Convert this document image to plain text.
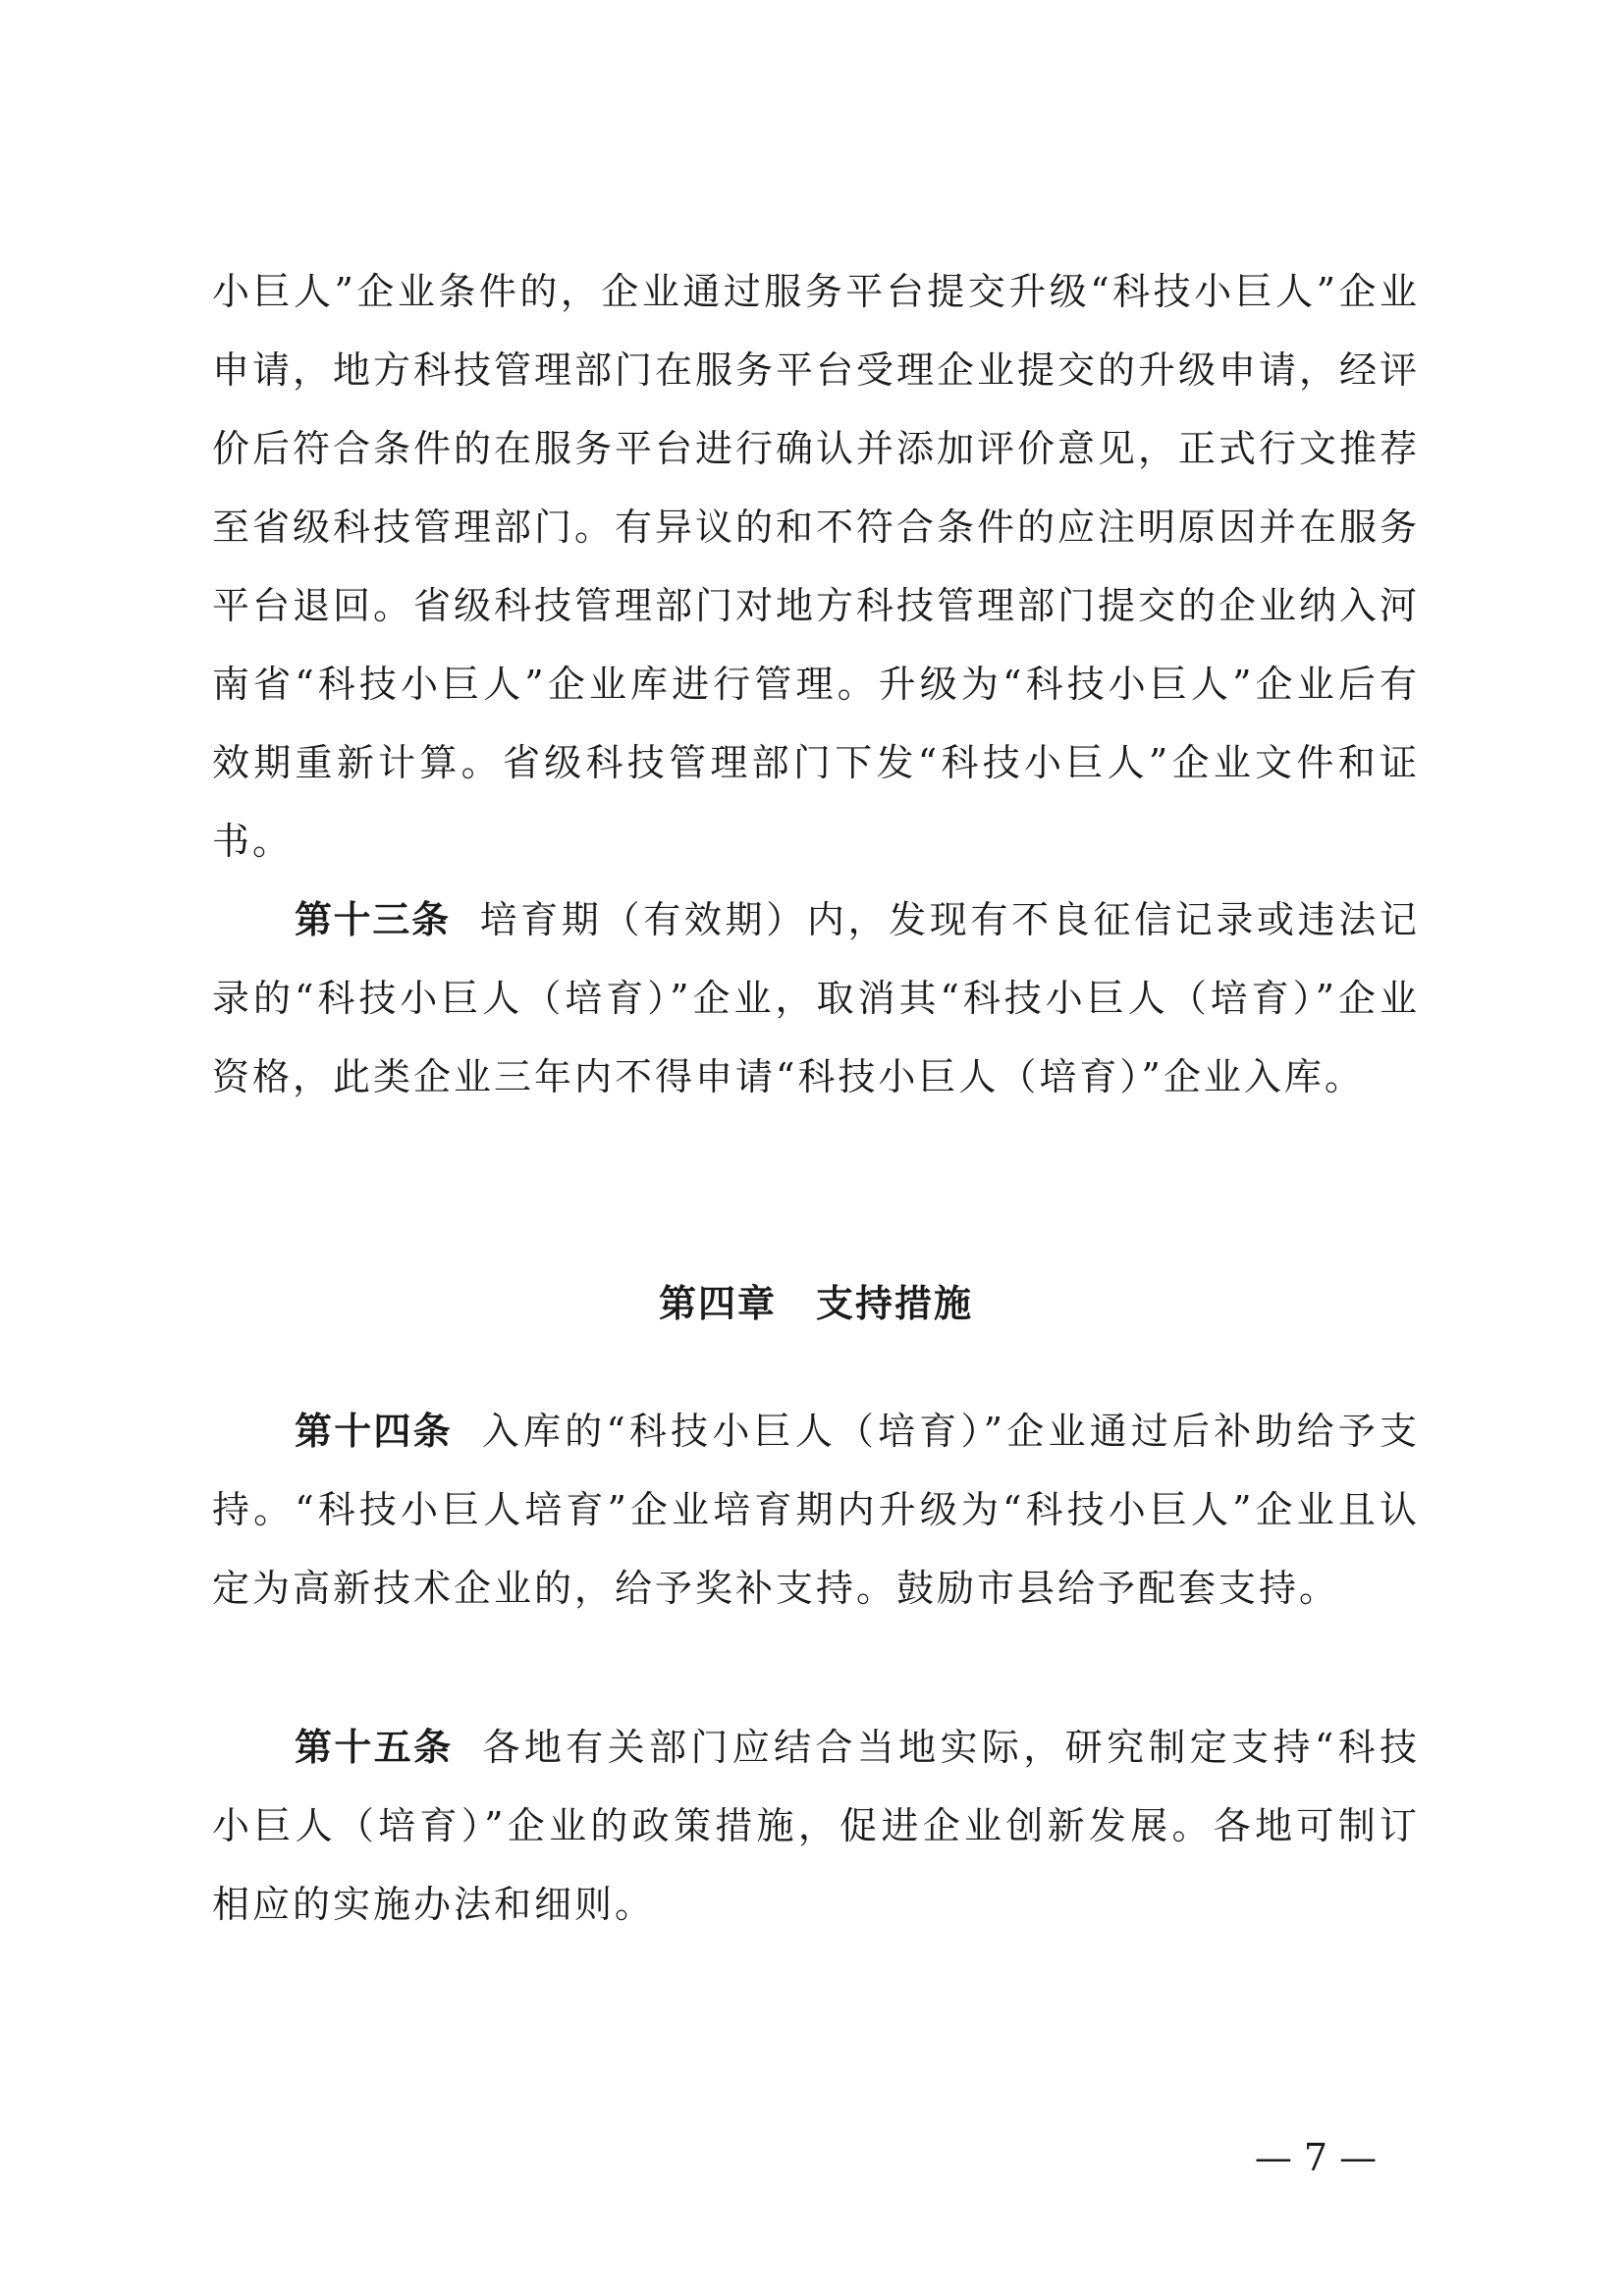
小巨人”企业条件的，企业通过服务平台提交升级“科技小巨人”企业申请，地方科技管理部门在服务平台受理企业提交的升级申请，经评价后符合条件的在服务平台进行确认并添加评价意见，正式行文推荐至省级科技管理部门。有异议的和不符合条件的应注明原因并在服务平台退回。省级科技管理部门对地方科技管理部门提交的企业纳入河南省“科技小巨人”企业库进行管理。升级为“科技小巨人”企业后有效期重新计算。省级科技管理部门下发“科技小巨人”企业文件和证书。

第十三条 培育期（有效期）内，发现有不良征信记录或违法记录的“科技小巨人（培育）”企业，取消其“科技小巨人（培育）”企业资格，此类企业三年内不得申请“科技小巨人（培育）”企业入库。

第四章　支持措施

第十四条 入库的“科技小巨人（培育）”企业通过后补助给予支持。“科技小巨人培育”企业培育期内升级为“科技小巨人”企业且认定为高新技术企业的，给予奖补支持。鼓励市县给予配套支持。

第十五条 各地有关部门应结合当地实际，研究制定支持“科技小巨人（培育）”企业的政策措施，促进企业创新发展。各地可制订相应的实施办法和细则。

— 7 —
